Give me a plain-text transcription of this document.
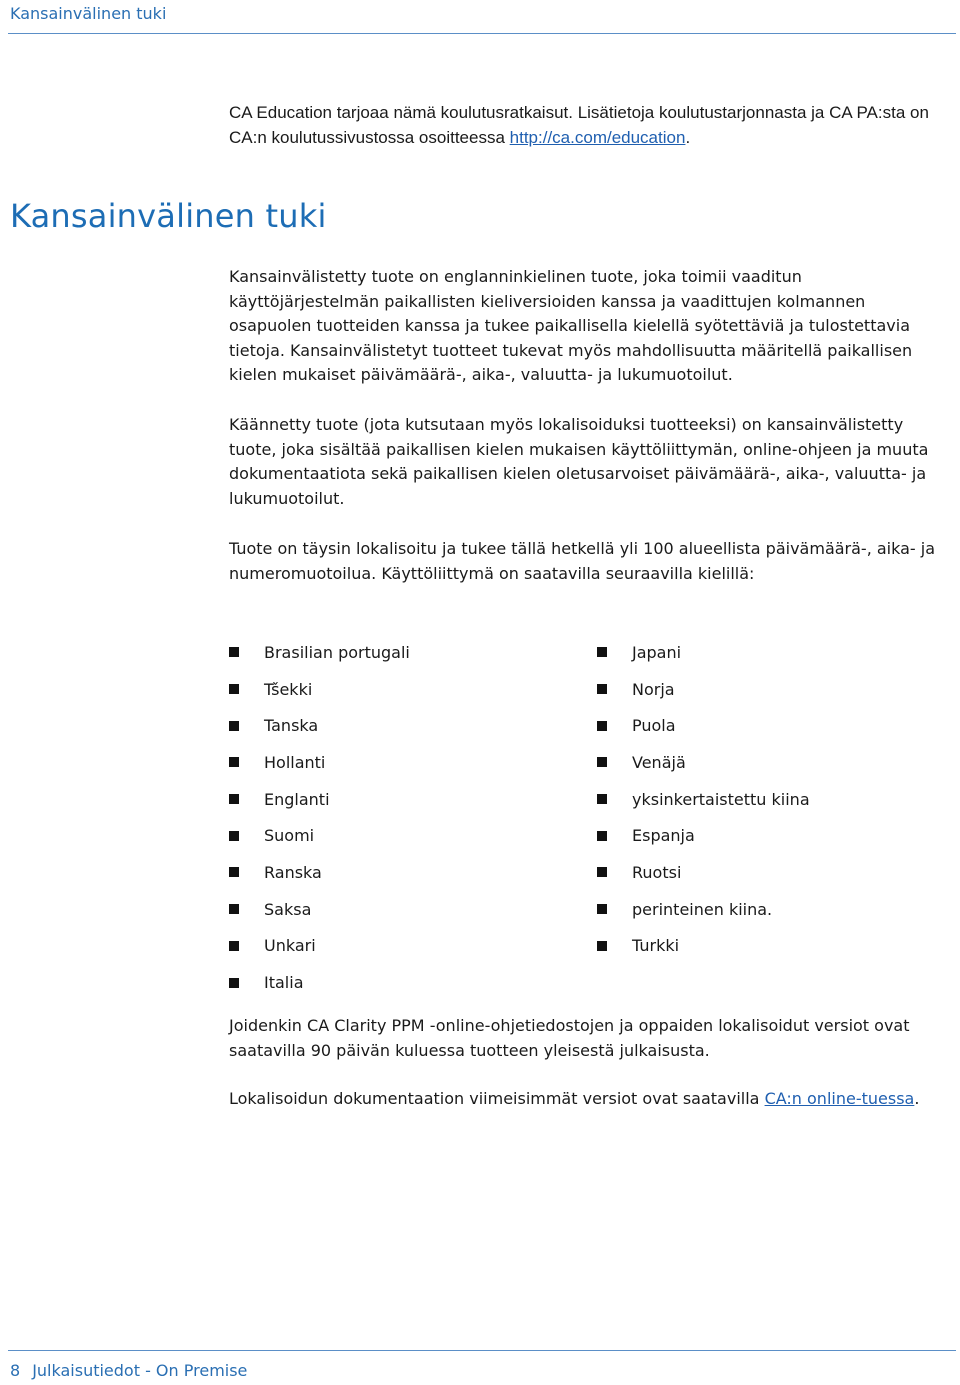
Kansainvälinen tuki

CA Education tarjoaa nämä koulutusratkaisut. Lisätietoja koulutustarjonnasta ja CA PA:sta on CA:n koulutussivustossa osoitteessa http://ca.com/education.

Kansainvälinen tuki

Kansainvälistetty tuote on englanninkielinen tuote, joka toimii vaaditun käyttöjärjestelmän paikallisten kieliversioiden kanssa ja vaadittujen kolmannen osapuolen tuotteiden kanssa ja tukee paikallisella kielellä syötettäviä ja tulostettavia tietoja. Kansainvälistetyt tuotteet tukevat myös mahdollisuutta määritellä paikallisen kielen mukaiset päivämäärä-, aika-, valuutta- ja lukumuotoilut.

Käännetty tuote (jota kutsutaan myös lokalisoiduksi tuotteeksi) on kansainvälistetty tuote, joka sisältää paikallisen kielen mukaisen käyttöliittymän, online-ohjeen ja muuta dokumentaatiota sekä paikallisen kielen oletusarvoiset päivämäärä-, aika-, valuutta- ja lukumuotoilut.

Tuote on täysin lokalisoitu ja tukee tällä hetkellä yli 100 alueellista päivämäärä-, aika- ja numeromuotoilua. Käyttöliittymä on saatavilla seuraavilla kielillä:

Brasilian portugali
Tšekki
Tanska
Hollanti
Englanti
Suomi
Ranska
Saksa
Unkari
Italia
Japani
Norja
Puola
Venäjä
yksinkertaistettu kiina
Espanja
Ruotsi
perinteinen kiina.
Turkki

Joidenkin CA Clarity PPM -online-ohjetiedostojen ja oppaiden lokalisoidut versiot ovat saatavilla 90 päivän kuluessa tuotteen yleisestä julkaisusta.

Lokalisoidun dokumentaation viimeisimmät versiot ovat saatavilla CA:n online-tuessa.

8 Julkaisutiedot - On Premise
